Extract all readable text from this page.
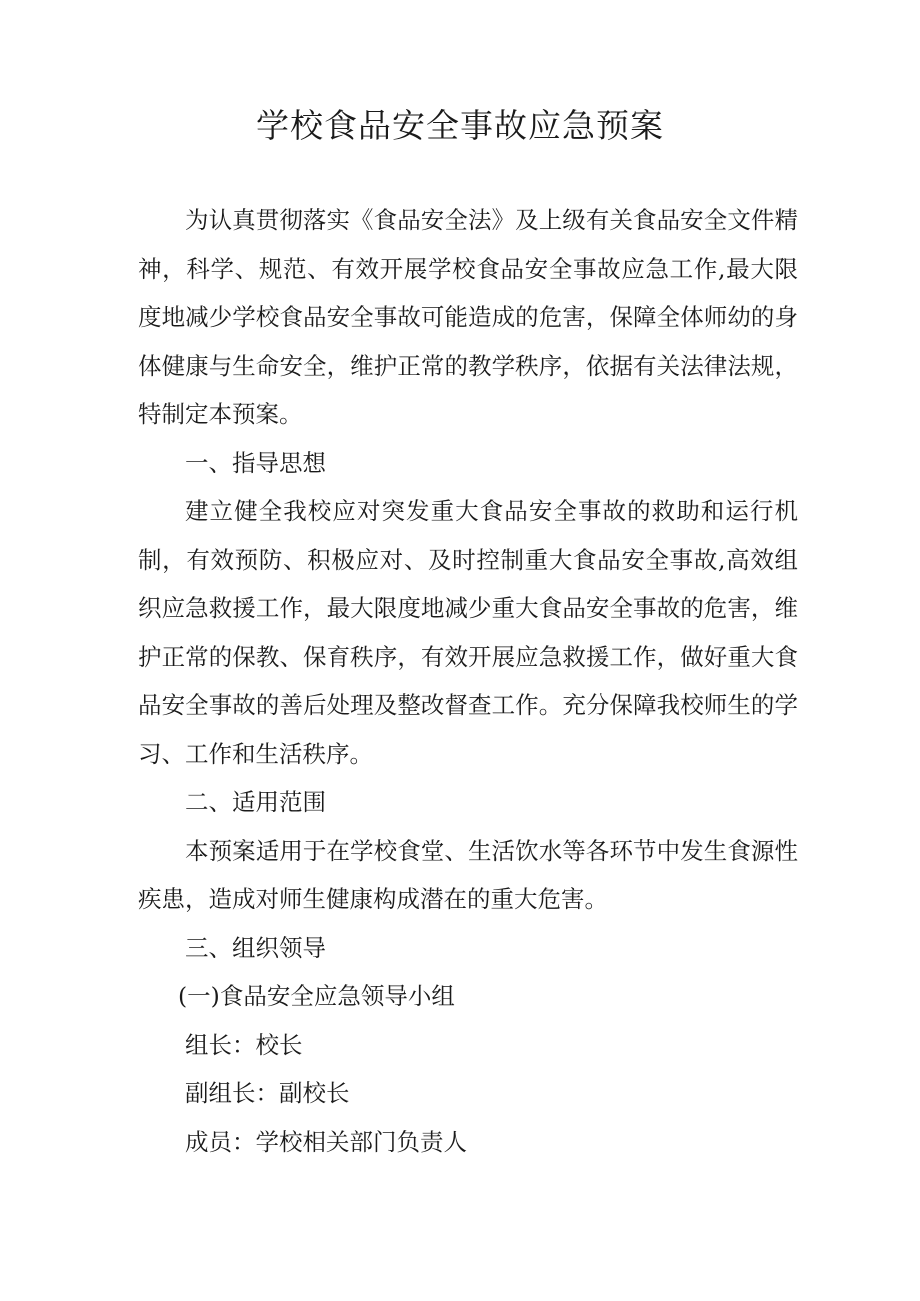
学校食品安全事故应急预案

为认真贯彻落实《食品安全法》及上级有关食品安全文件精神，科学、规范、有效开展学校食品安全事故应急工作,最大限度地减少学校食品安全事故可能造成的危害，保障全体师幼的身体健康与生命安全，维护正常的教学秩序，依据有关法律法规，特制定本预案。

一、指导思想

建立健全我校应对突发重大食品安全事故的救助和运行机制，有效预防、积极应对、及时控制重大食品安全事故,高效组织应急救援工作，最大限度地减少重大食品安全事故的危害，维护正常的保教、保育秩序，有效开展应急救援工作，做好重大食品安全事故的善后处理及整改督查工作。充分保障我校师生的学习、工作和生活秩序。

二、适用范围

本预案适用于在学校食堂、生活饮水等各环节中发生食源性疾患，造成对师生健康构成潜在的重大危害。

三、组织领导

(一)食品安全应急领导小组

组长：校长

副组长：副校长

成员：学校相关部门负责人
